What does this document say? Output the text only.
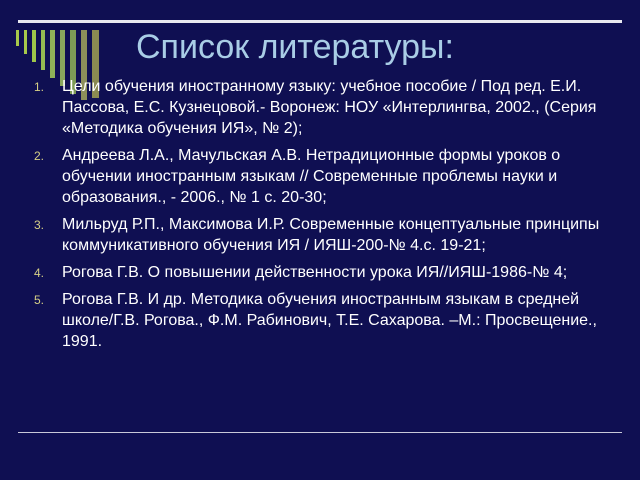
Список литературы:
1. Цели обучения иностранному языку: учебное пособие / Под ред. Е.И. Пассова, Е.С. Кузнецовой.- Воронеж: НОУ «Интерлингва, 2002., (Серия «Методика обучения ИЯ», № 2);
2. Андреева Л.А., Мачульская А.В. Нетрадиционные формы уроков о обучении иностранным языкам // Современные проблемы науки и образования., - 2006., № 1 с. 20-30;
3. Мильруд Р.П., Максимова И.Р. Современные концептуальные принципы коммуникативного обучения ИЯ / ИЯШ-200-№ 4.с. 19-21;
4. Рогова Г.В. О повышении действенности урока ИЯ//ИЯШ-1986-№ 4;
5. Рогова Г.В. И др. Методика обучения иностранным языкам в средней школе/Г.В. Рогова., Ф.М. Рабинович, Т.Е. Сахарова. –М.: Просвещение., 1991.
